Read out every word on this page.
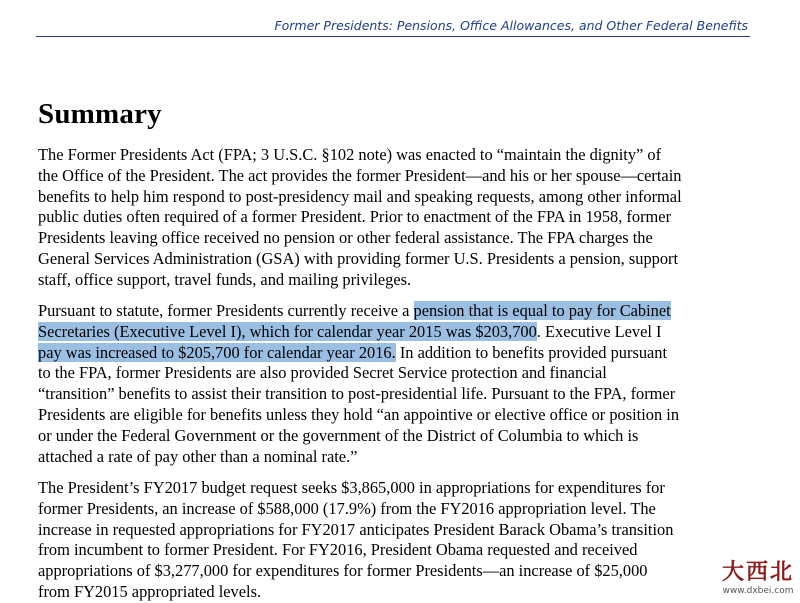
Former Presidents: Pensions, Office Allowances, and Other Federal Benefits
Summary

The Former Presidents Act (FPA; 3 U.S.C. §102 note) was enacted to “maintain the dignity” of
the Office of the President. The act provides the former President—and his or her spouse—certain
benefits to help him respond to post-presidency mail and speaking requests, among other informal
public duties often required of a former President. Prior to enactment of the FPA in 1958, former
Presidents leaving office received no pension or other federal assistance. The FPA charges the
General Services Administration (GSA) with providing former U.S. Presidents a pension, support
staff, office support, travel funds, and mailing privileges.

Pursuant to statute, former Presidents currently receive a pension that is equal to pay for Cabinet
Secretaries (Executive Level I), which for calendar year 2015 was $203,700. Executive Level I
pay was increased to $205,700 for calendar year 2016. In addition to benefits provided pursuant
to the FPA, former Presidents are also provided Secret Service protection and financial
“transition” benefits to assist their transition to post-presidential life. Pursuant to the FPA, former
Presidents are eligible for benefits unless they hold “an appointive or elective office or position in
or under the Federal Government or the government of the District of Columbia to which is
attached a rate of pay other than a nominal rate.”

The President’s FY2017 budget request seeks $3,865,000 in appropriations for expenditures for
former Presidents, an increase of $588,000 (17.9%) from the FY2016 appropriation level. The
increase in requested appropriations for FY2017 anticipates President Barack Obama’s transition
from incumbent to former President. For FY2016, President Obama requested and received
appropriations of $3,277,000 for expenditures for former Presidents—an increase of $25,000
from FY2015 appropriated levels.

大西北
www.dxbei.com
